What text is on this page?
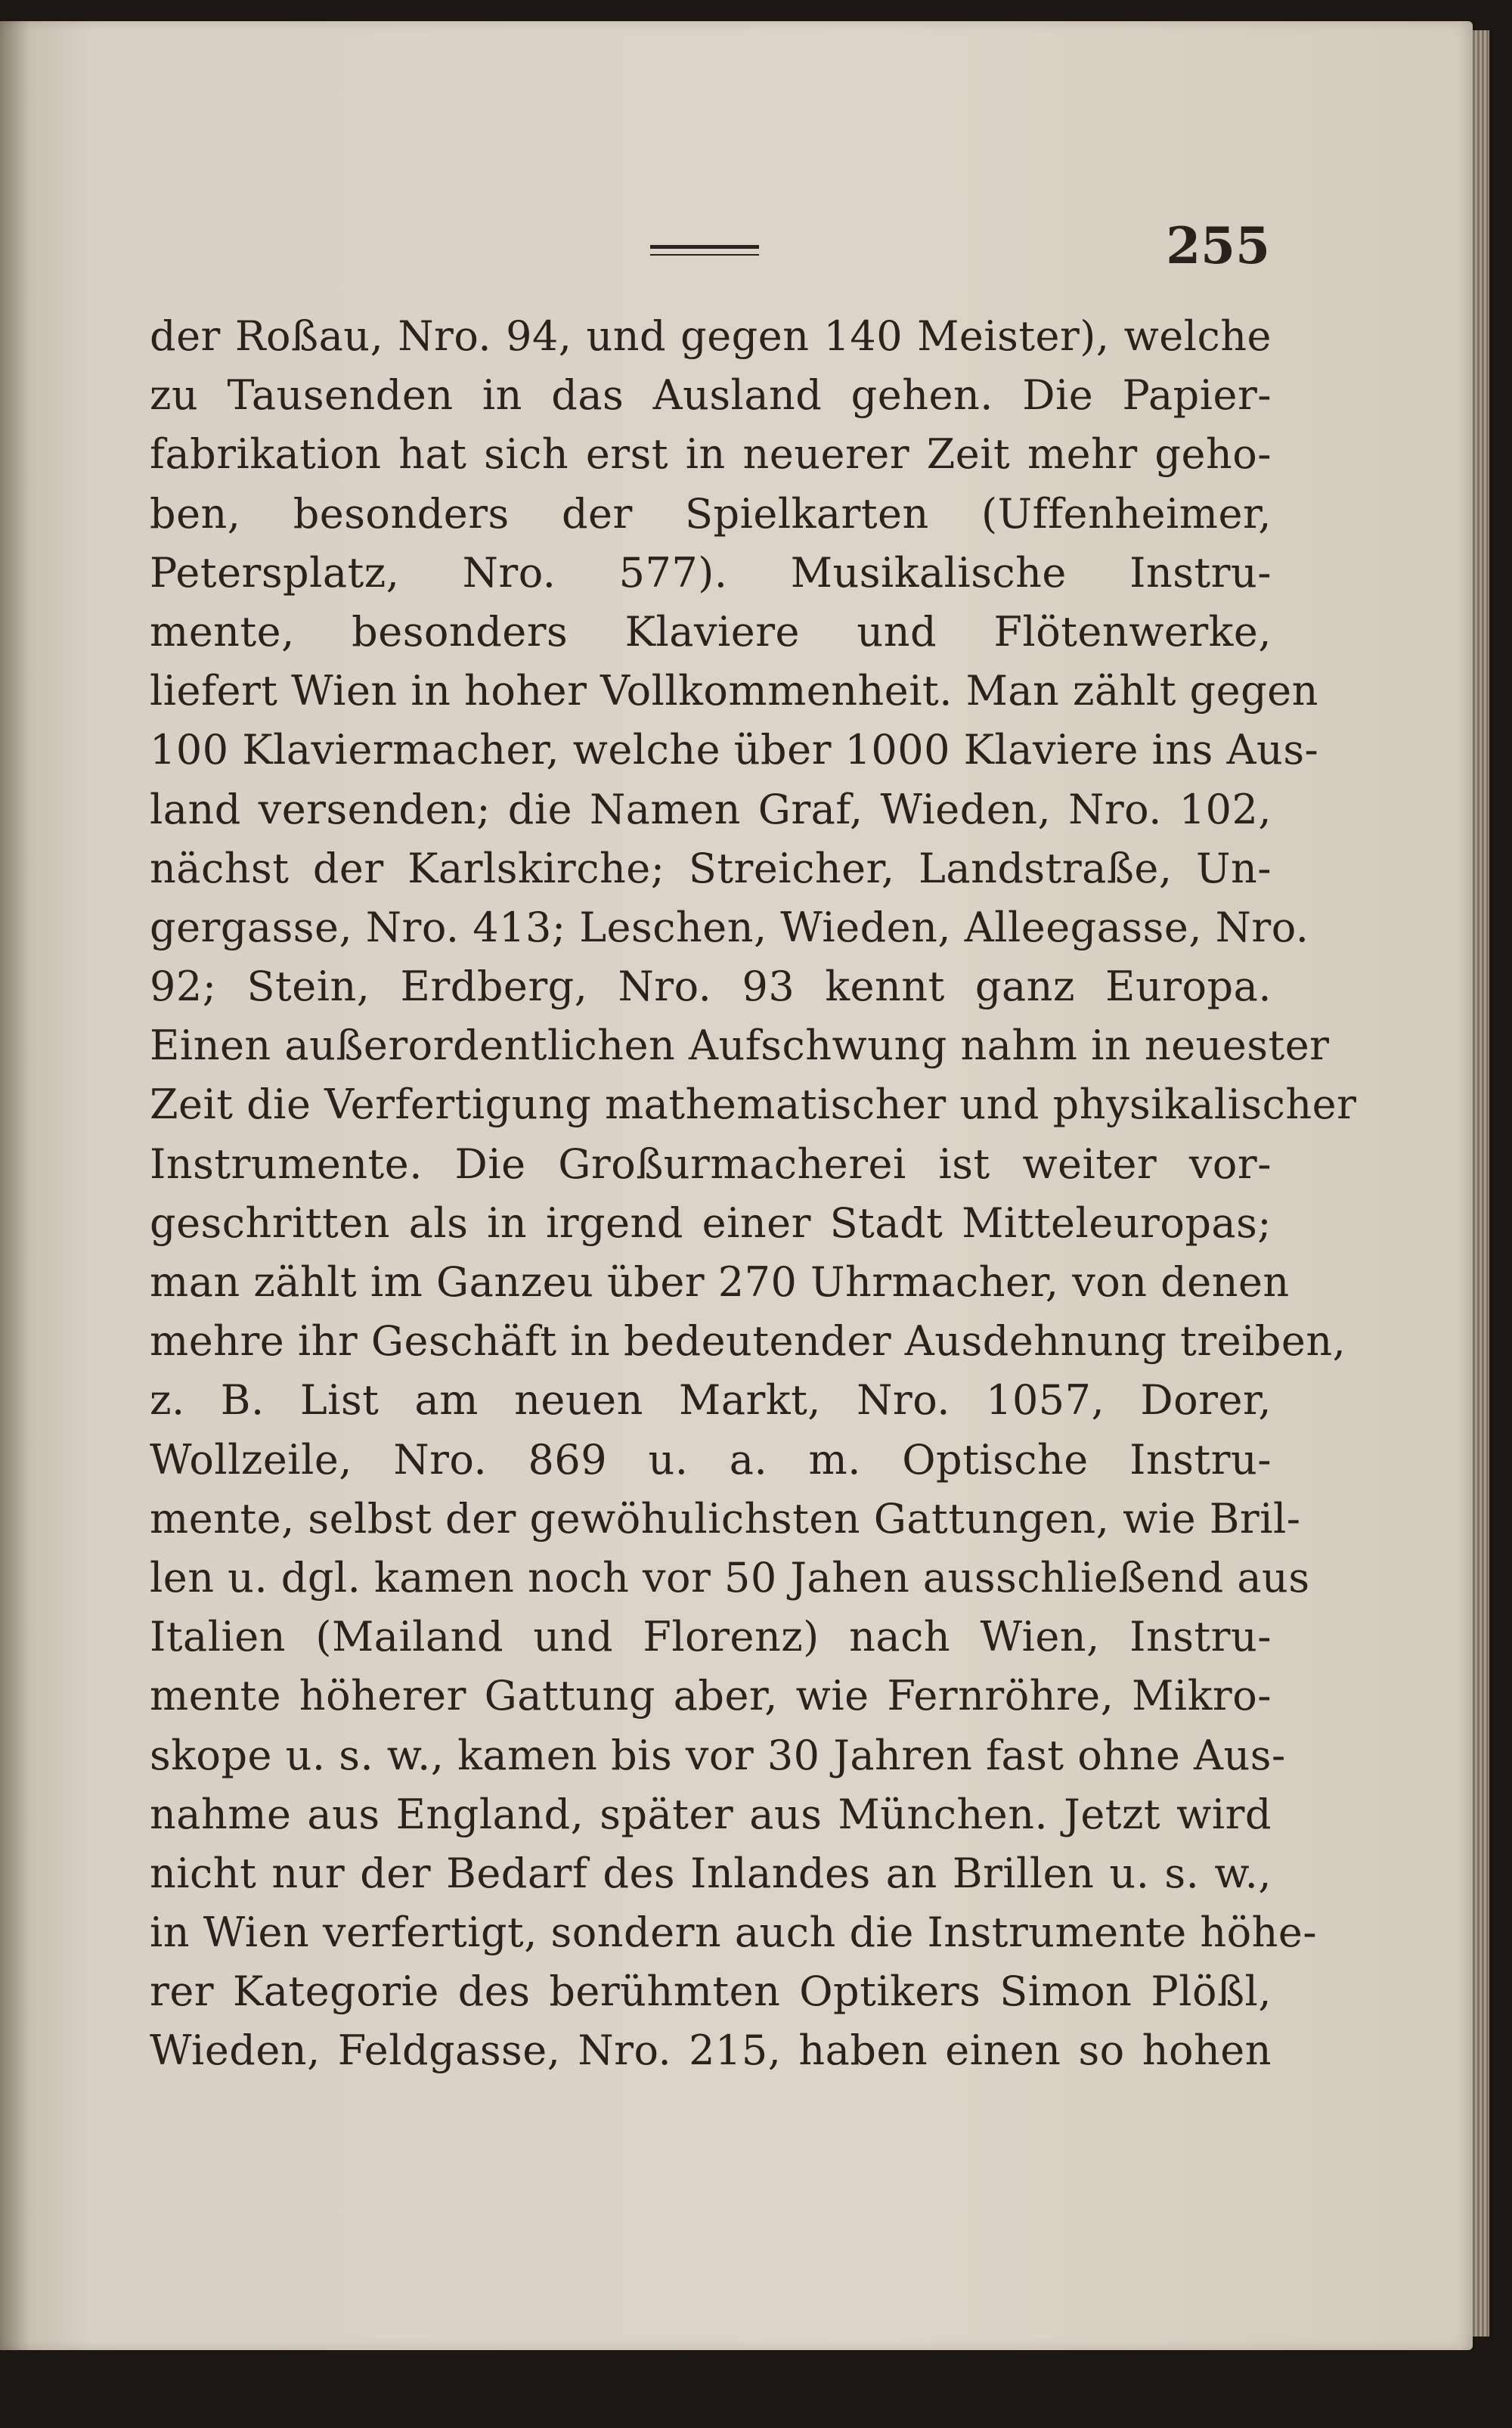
255
der Roßau, Nro. 94, und gegen 140 Meister), welche
zu Tausenden in das Ausland gehen. Die Papier-
fabrikation hat sich erst in neuerer Zeit mehr geho-
ben, besonders der Spielkarten (Uffenheimer,
Petersplatz, Nro. 577). Musikalische Instru-
mente, besonders Klaviere und Flötenwerke,
liefert Wien in hoher Vollkommenheit. Man zählt gegen
100 Klaviermacher, welche über 1000 Klaviere ins Aus-
land versenden; die Namen Graf, Wieden, Nro. 102,
nächst der Karlskirche; Streicher, Landstraße, Un-
gergasse, Nro. 413; Leschen, Wieden, Alleegasse, Nro.
92; Stein, Erdberg, Nro. 93 kennt ganz Europa.
Einen außerordentlichen Aufschwung nahm in neuester
Zeit die Verfertigung mathematischer und physikalischer
Instrumente. Die Großurmacherei ist weiter vor-
geschritten als in irgend einer Stadt Mitteleuropas;
man zählt im Ganzeu über 270 Uhrmacher, von denen
mehre ihr Geschäft in bedeutender Ausdehnung treiben,
z. B. List am neuen Markt, Nro. 1057, Dorer,
Wollzeile, Nro. 869 u. a. m. Optische Instru-
mente, selbst der gewöhulichsten Gattungen, wie Bril-
len u. dgl. kamen noch vor 50 Jahen ausschließend aus
Italien (Mailand und Florenz) nach Wien, Instru-
mente höherer Gattung aber, wie Fernröhre, Mikro-
skope u. s. w., kamen bis vor 30 Jahren fast ohne Aus-
nahme aus England, später aus München. Jetzt wird
nicht nur der Bedarf des Inlandes an Brillen u. s. w.,
in Wien verfertigt, sondern auch die Instrumente höhe-
rer Kategorie des berühmten Optikers Simon Plößl,
Wieden, Feldgasse, Nro. 215, haben einen so hohen
